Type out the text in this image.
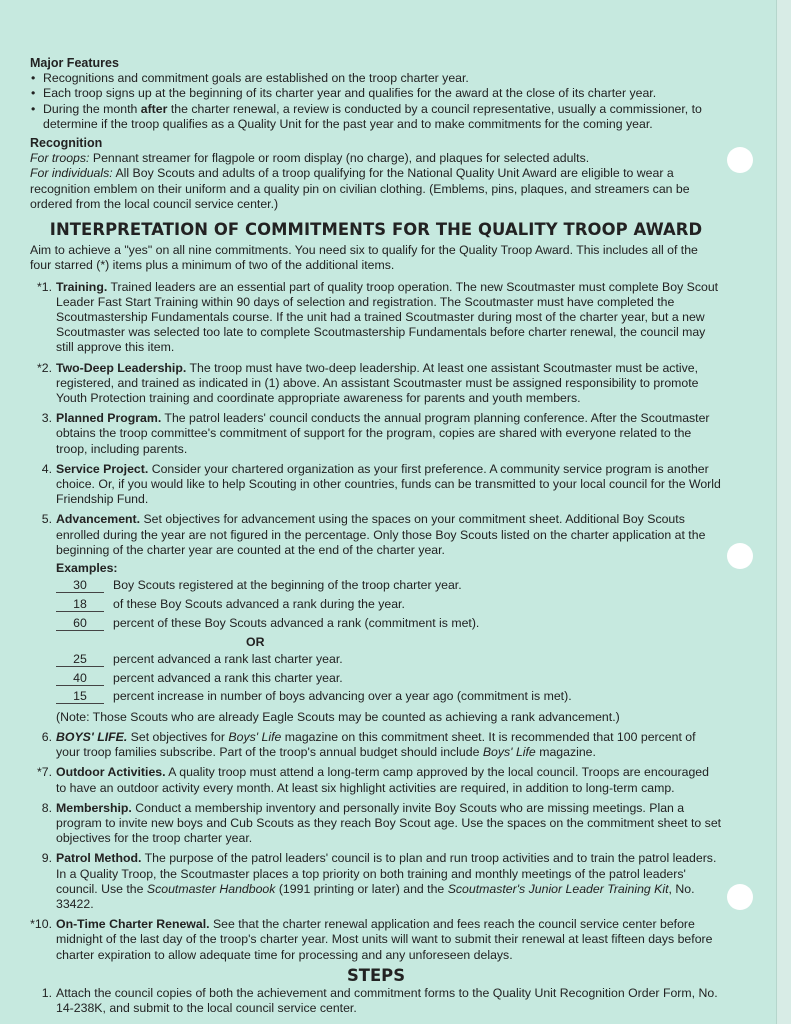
Major Features

• Recognitions and commitment goals are established on the troop charter year.
• Each troop signs up at the beginning of its charter year and qualifies for the award at the close of its charter year.
• During the month after the charter renewal, a review is conducted by a council representative, usually a commissioner, to determine if the troop qualifies as a Quality Unit for the past year and to make commitments for the coming year.

Recognition

For troops: Pennant streamer for flagpole or room display (no charge), and plaques for selected adults.

For individuals: All Boy Scouts and adults of a troop qualifying for the National Quality Unit Award are eligible to wear a recognition emblem on their uniform and a quality pin on civilian clothing. (Emblems, pins, plaques, and streamers can be ordered from the local council service center.)

INTERPRETATION OF COMMITMENTS FOR THE QUALITY TROOP AWARD

Aim to achieve a "yes" on all nine commitments. You need six to qualify for the Quality Troop Award. This includes all of the four starred (*) items plus a minimum of two of the additional items.

*1. Training. Trained leaders are an essential part of quality troop operation. The new Scoutmaster must complete Boy Scout Leader Fast Start Training within 90 days of selection and registration. The Scoutmaster must have completed the Scoutmastership Fundamentals course. If the unit had a trained Scoutmaster during most of the charter year, but a new Scoutmaster was selected too late to complete Scoutmastership Fundamentals before charter renewal, the council may still approve this item.
*2. Two-Deep Leadership. The troop must have two-deep leadership. At least one assistant Scoutmaster must be active, registered, and trained as indicated in (1) above. An assistant Scoutmaster must be assigned responsibility to promote Youth Protection training and coordinate appropriate awareness for parents and youth members.
3. Planned Program. The patrol leaders' council conducts the annual program planning conference. After the Scoutmaster obtains the troop committee's commitment of support for the program, copies are shared with everyone related to the troop, including parents.
4. Service Project. Consider your chartered organization as your first preference. A community service program is another choice. Or, if you would like to help Scouting in other countries, funds can be transmitted to your local council for the World Friendship Fund.
5. Advancement. Set objectives for advancement using the spaces on your commitment sheet. Additional Boy Scouts enrolled during the year are not figured in the percentage. Only those Boy Scouts listed on the charter application at the beginning of the charter year are counted at the end of the charter year.
Examples:
30	Boy Scouts registered at the beginning of the troop charter year.
18	of these Boy Scouts advanced a rank during the year.
60	percent of these Boy Scouts advanced a rank (commitment is met).
OR
25	percent advanced a rank last charter year.
40	percent advanced a rank this charter year.
15	percent increase in number of boys advancing over a year ago (commitment is met).
(Note: Those Scouts who are already Eagle Scouts may be counted as achieving a rank advancement.)
6. BOYS' LIFE. Set objectives for Boys' Life magazine on this commitment sheet. It is recommended that 100 percent of your troop families subscribe. Part of the troop's annual budget should include Boys' Life magazine.
*7. Outdoor Activities. A quality troop must attend a long-term camp approved by the local council. Troops are encouraged to have an outdoor activity every month. At least six highlight activities are required, in addition to long-term camp.
8. Membership. Conduct a membership inventory and personally invite Boy Scouts who are missing meetings. Plan a program to invite new boys and Cub Scouts as they reach Boy Scout age. Use the spaces on the commitment sheet to set objectives for the troop charter year.
9. Patrol Method. The purpose of the patrol leaders' council is to plan and run troop activities and to train the patrol leaders. In a Quality Troop, the Scoutmaster places a top priority on both training and monthly meetings of the patrol leaders' council. Use the Scoutmaster Handbook (1991 printing or later) and the Scoutmaster's Junior Leader Training Kit, No. 33422.
*10. On-Time Charter Renewal. See that the charter renewal application and fees reach the council service center before midnight of the last day of the troop's charter year. Most units will want to submit their renewal at least fifteen days before charter expiration to allow adequate time for processing and any unforeseen delays.
STEPS
1. Attach the council copies of both the achievement and commitment forms to the Quality Unit Recognition Order Form, No. 14-238K, and submit to the local council service center.
